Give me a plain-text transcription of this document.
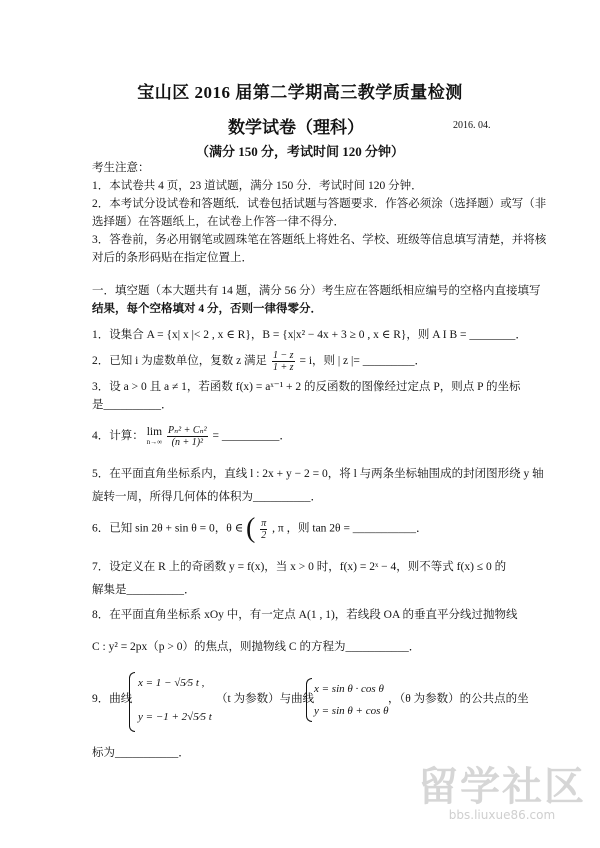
宝山区 2016 届第二学期高三教学质量检测
数学试卷（理科）	2016. 04.
（满分 150 分，考试时间 120 分钟）
考生注意：
1．本试卷共 4 页，23 道试题，满分 150 分．考试时间 120 分钟．
2．本考试分设试卷和答题纸．试卷包括试题与答题要求．作答必须涂（选择题）或写（非
选择题）在答题纸上，在试卷上作答一律不得分．
3．答卷前，务必用钢笔或圆珠笔在答题纸上将姓名、学校、班级等信息填写清楚，并将核
对后的条形码贴在指定位置上．
一．填空题（本大题共有 14 题，满分 56 分）考生应在答题纸相应编号的空格内直接填写
结果，每个空格填对 4 分，否则一律得零分．
1．设集合 A = {x| x |< 2 , x ∈ R}，B = {x|x² − 4x + 3 ≥ 0 , x ∈ R}，则 A I B = ________．
2．已知 i 为虚数单位，复数 z 满足 $\frac{1 - z}{1 + z} = i$，则 | z |= _________．
3．设 a > 0 且 a ≠ 1，若函数 f(x) = aˣ⁻¹ + 2 的反函数的图像经过定点 P，则点 P 的坐标
是__________．
4．计算： lim
n→∞
$\frac{\text{Pₙ² + Cₙ²}}{\text{(n + 1)²}}$ = __________．
5．在平面直角坐标系内，直线 l : 2x + y − 2 = 0，将 l 与两条坐标轴围成的封闭图形绕 y 轴
旋转一周，所得几何体的体积为__________．
6．已知 sin 2θ + sin θ = 0，θ ∈ ( $\frac{\pi}{2}$ , π ，则 tan 2θ = ___________．
7．设定义在 R 上的奇函数 y = f(x)，当 x > 0 时，f(x) = 2ˣ − 4，则不等式 f(x) ≤ 0 的
解集是__________．
8．在平面直角坐标系 xOy 中，有一定点 A(1 , 1)，若线段 OA 的垂直平分线过抛物线
C : y² = 2px（p > 0）的焦点，则抛物线 C 的方程为___________．
9．曲线
x = 1 − √5⁄5 t ,
y = −1 + 2√5⁄5 t
（t 为参数）与曲线
x = sin θ · cos θ
y = sin θ + cos θ
，（θ 为参数）的公共点的坐
标为___________．
留学社区
bbs.liuxue86.com
